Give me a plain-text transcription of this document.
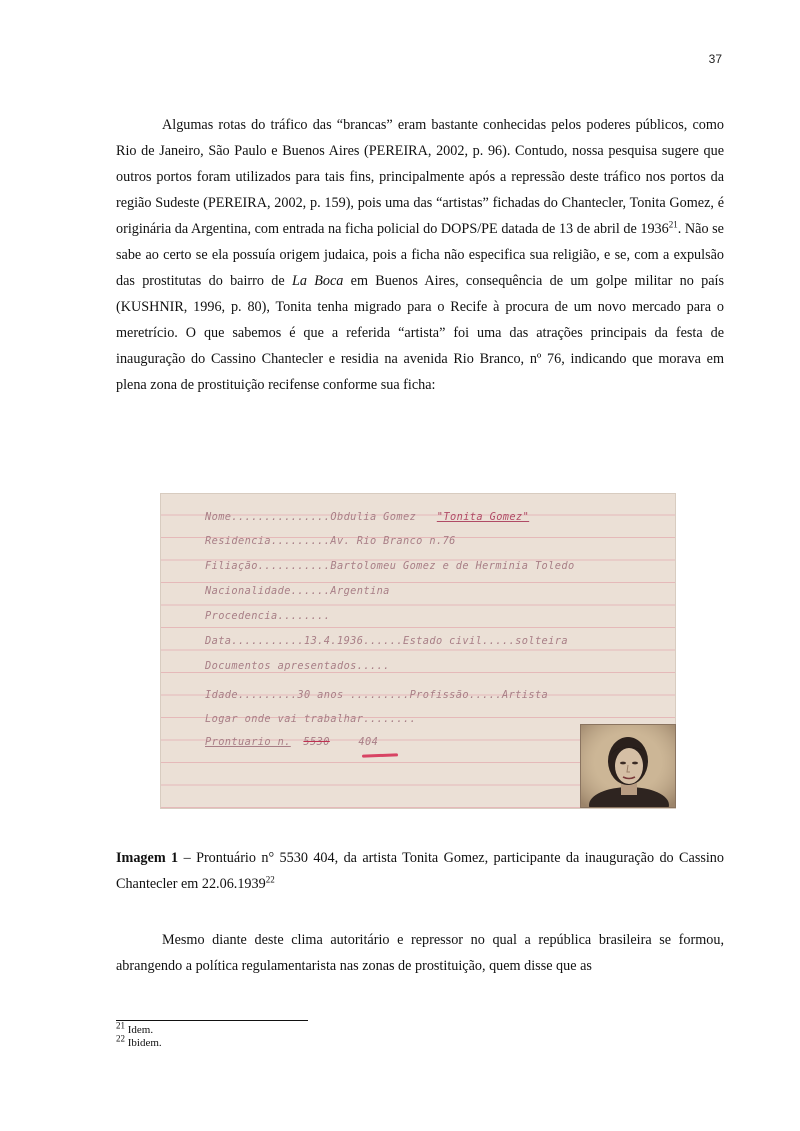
37

Algumas rotas do tráfico das “brancas” eram bastante conhecidas pelos poderes públicos, como Rio de Janeiro, São Paulo e Buenos Aires (PEREIRA, 2002, p. 96). Contudo, nossa pesquisa sugere que outros portos foram utilizados para tais fins, principalmente após a repressão deste tráfico nos portos da região Sudeste (PEREIRA, 2002, p. 159), pois uma das “artistas” fichadas do Chantecler, Tonita Gomez, é originária da Argentina, com entrada na ficha policial do DOPS/PE datada de 13 de abril de 1936$^{21}$. Não se sabe ao certo se ela possuía origem judaica, pois a ficha não especifica sua religião, e se, com a expulsão das prostitutas do bairro de La Boca em Buenos Aires, consequência de um golpe militar no país (KUSHNIR, 1996, p. 80), Tonita tenha migrado para o Recife à procura de um novo mercado para o meretrício. O que sabemos é que a referida “artista” foi uma das atrações principais da festa de inauguração do Cassino Chantecler e residia na avenida Rio Branco, nº 76, indicando que morava em plena zona de prostituição recifense conforme sua ficha:

Nome...............Obdulia Gomez "Tonita Gomez"
Residencia.........Av. Rio Branco n.76
Filiação...........Bartolomeu Gomez e de Herminia Toledo
Nacionalidade......Argentina
Procedencia........
Data...........13.4.1936......Estado civil.....solteira
Documentos apresentados.....
Idade.........30 anos .........Profissão.....Artista
Logar onde vai trabalhar........
Prontuario n. 5530	404

Imagem 1 – Prontuário n° 5530 404, da artista Tonita Gomez, participante da inauguração do Cassino Chantecler em 22.06.1939$^{22}$

Mesmo diante deste clima autoritário e repressor no qual a república brasileira se formou, abrangendo a política regulamentarista nas zonas de prostituição, quem disse que as

$^{21}$ Idem.
$^{22}$ Ibidem.
